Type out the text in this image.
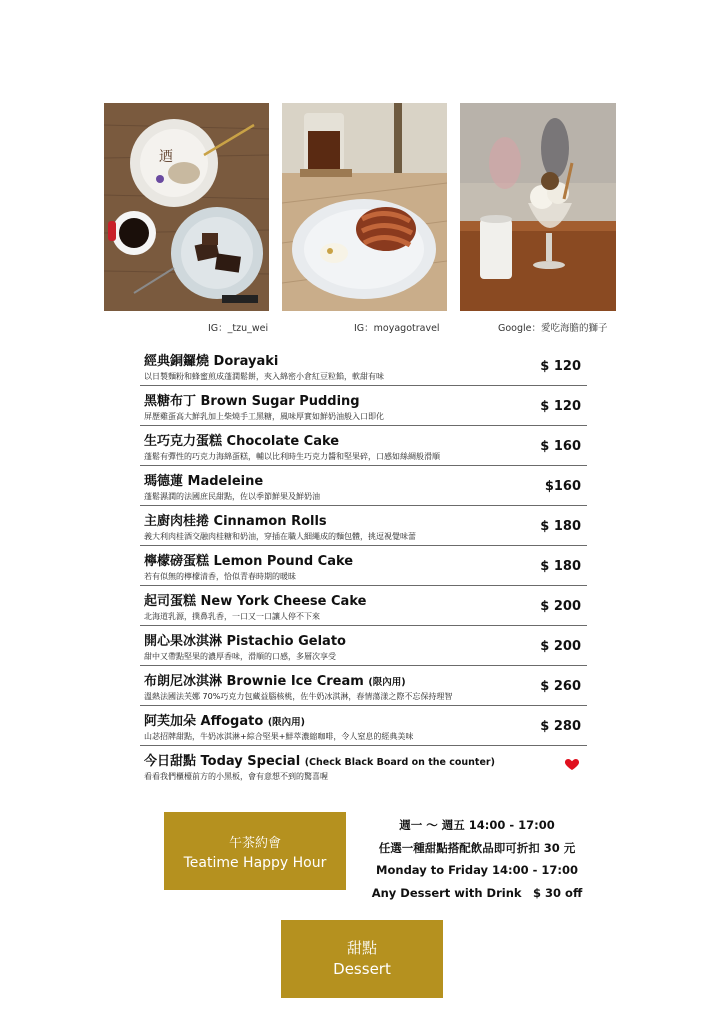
迺
IG：_tzu_wei	IG：moyagotravel	Google：愛吃海膽的獅子
經典銅鑼燒 Dorayaki
以日製麵粉和蜂蜜煎成蓬潤鬆餅，夾入綿密小倉紅豆粒餡，軟甜有味
$ 120
黑糖布丁 Brown Sugar Pudding
屏歷雞蛋高大鮮乳加上柴燒手工黑糖，風味厚實如鮮奶油般入口即化
$ 120
生巧克力蛋糕 Chocolate Cake
蓬鬆有彈性的巧克力海綿蛋糕，輔以比利時生巧克力醬和堅果碎，口感如絲綢般滑順
$ 160
瑪德蓮 Madeleine
蓬鬆濕潤的法國庶民甜點，佐以季節鮮果及鮮奶油
$160
主廚肉桂捲 Cinnamon Rolls
義大利肉桂酒交融肉桂糖和奶油，穿插在職人細繩成的麵包體，挑逗視覺味蕾
$ 180
檸檬磅蛋糕 Lemon Pound Cake
若有似無的檸檬清香，恰似青春時期的暖昧
$ 180
起司蛋糕 New York Cheese Cake
北海道乳源，撲鼻乳香，一口又一口讓人停不下來
$ 200
開心果冰淇淋 Pistachio Gelato
甜中又帶點堅果的濃厚香味，滑順的口感，多層次享受
$ 200
布朗尼冰淇淋 Brownie Ice Cream (限內用)
溫熱法國法芙娜 70%巧克力包藏益腦核桃，佐牛奶冰淇淋，春情蕩漾之際不忘保持理智
$ 260
阿芙加朵 Affogato (限內用)
山苾招牌甜點，牛奶冰淇淋+綜合堅果+鮮萃濃縮咖啡，令人窒息的經典美味
$ 280
今日甜點 Today Special (Check Black Board on the counter)
看看我們櫃檯前方的小黑板，會有意想不到的驚喜喔
午茶約會
Teatime Happy Hour
週一 ～ 週五 14:00 - 17:00
任選一種甜點搭配飲品即可折扣 30 元
Monday to Friday 14:00 - 17:00
Any Dessert with Drink　$ 30 off
甜點
Dessert
